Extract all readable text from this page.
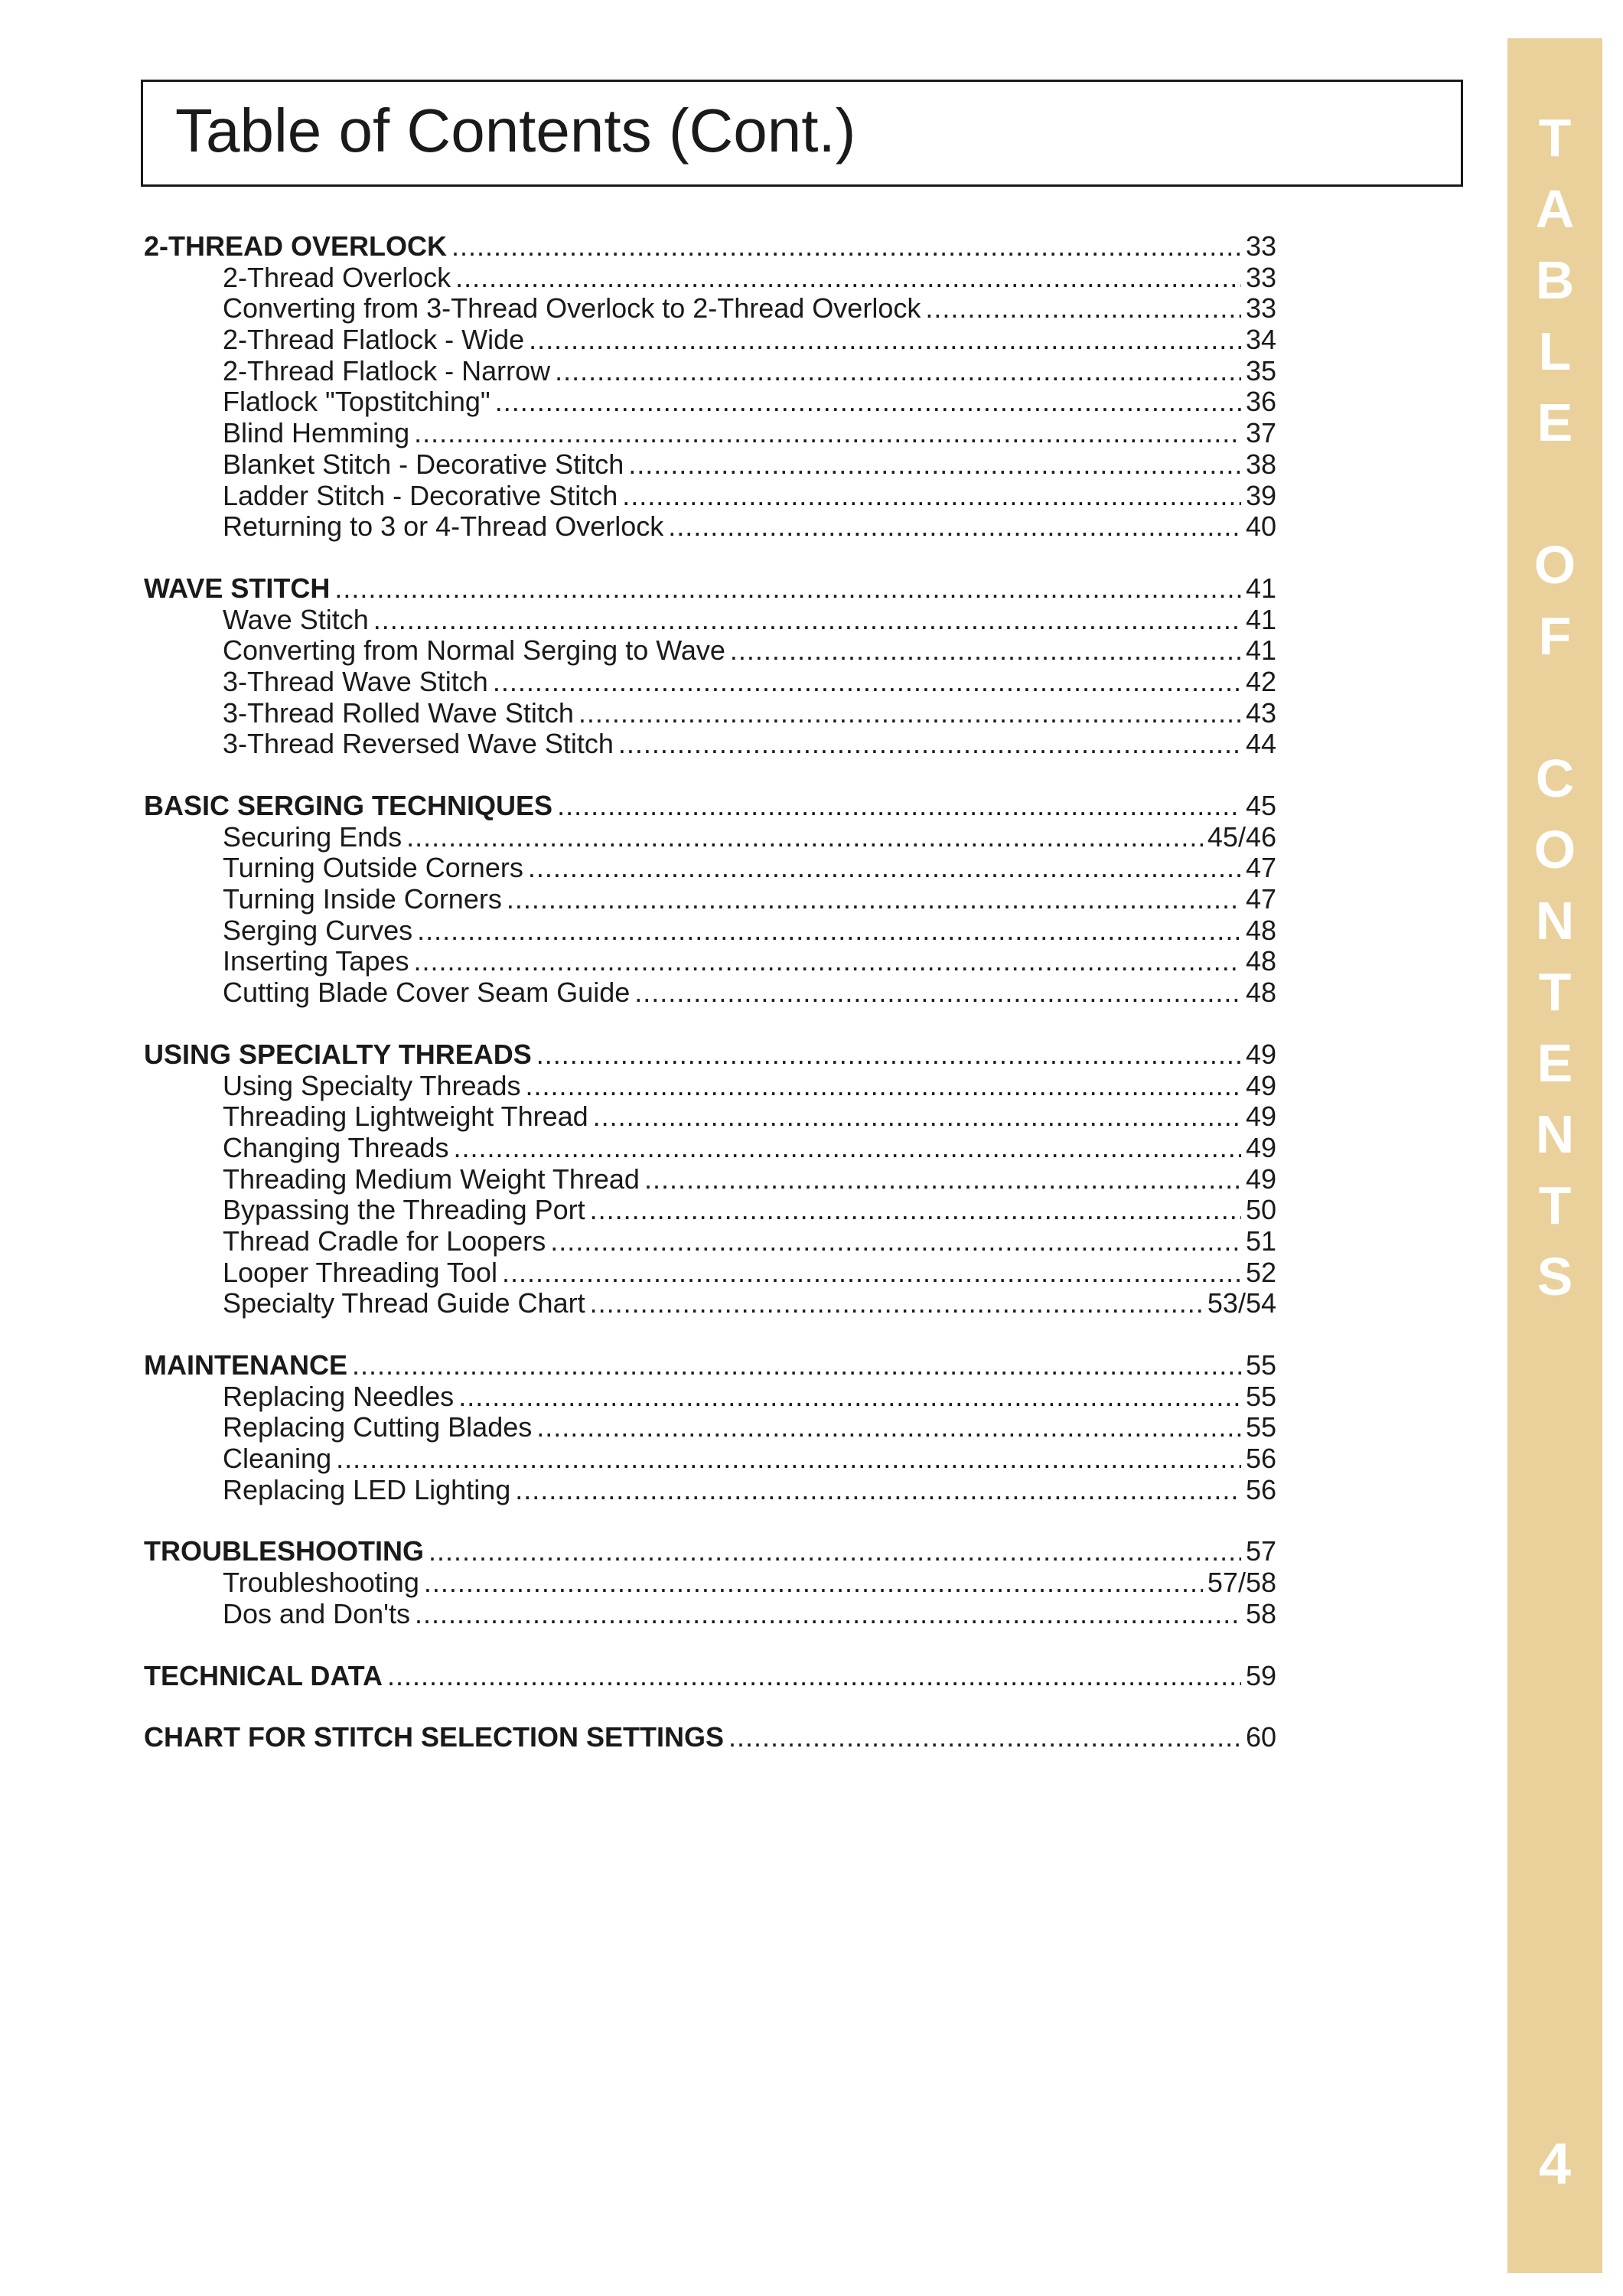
Table of Contents (Cont.)
2-THREAD OVERLOCK .....	33
2-Thread Overlock .....	33
Converting from 3-Thread Overlock to 2-Thread Overlock .....	33
2-Thread Flatlock - Wide .....	34
2-Thread Flatlock - Narrow .....	35
Flatlock "Topstitching" .....	36
Blind Hemming .....	37
Blanket Stitch - Decorative Stitch .....	38
Ladder Stitch - Decorative Stitch .....	39
Returning to 3 or 4-Thread Overlock .....	40
WAVE STITCH .....	41
Wave Stitch .....	41
Converting from Normal Serging to Wave .....	41
3-Thread Wave Stitch .....	42
3-Thread Rolled Wave Stitch .....	43
3-Thread Reversed Wave Stitch .....	44
BASIC SERGING TECHNIQUES .....	45
Securing Ends .....	45/46
Turning Outside Corners .....	47
Turning Inside Corners .....	47
Serging Curves .....	48
Inserting Tapes .....	48
Cutting Blade Cover Seam Guide .....	48
USING SPECIALTY THREADS .....	49
Using Specialty Threads .....	49
Threading Lightweight Thread .....	49
Changing Threads .....	49
Threading Medium Weight Thread .....	49
Bypassing the Threading Port .....	50
Thread Cradle for Loopers .....	51
Looper Threading Tool .....	52
Specialty Thread Guide Chart .....	53/54
MAINTENANCE .....	55
Replacing Needles .....	55
Replacing Cutting Blades .....	55
Cleaning .....	56
Replacing LED Lighting .....	56
TROUBLESHOOTING .....	57
Troubleshooting .....	57/58
Dos and Don'ts .....	58
TECHNICAL DATA .....	59
CHART FOR STITCH SELECTION SETTINGS .....	60
T
A
B
L
E
O
F
C
O
N
T
E
N
T
S
4
